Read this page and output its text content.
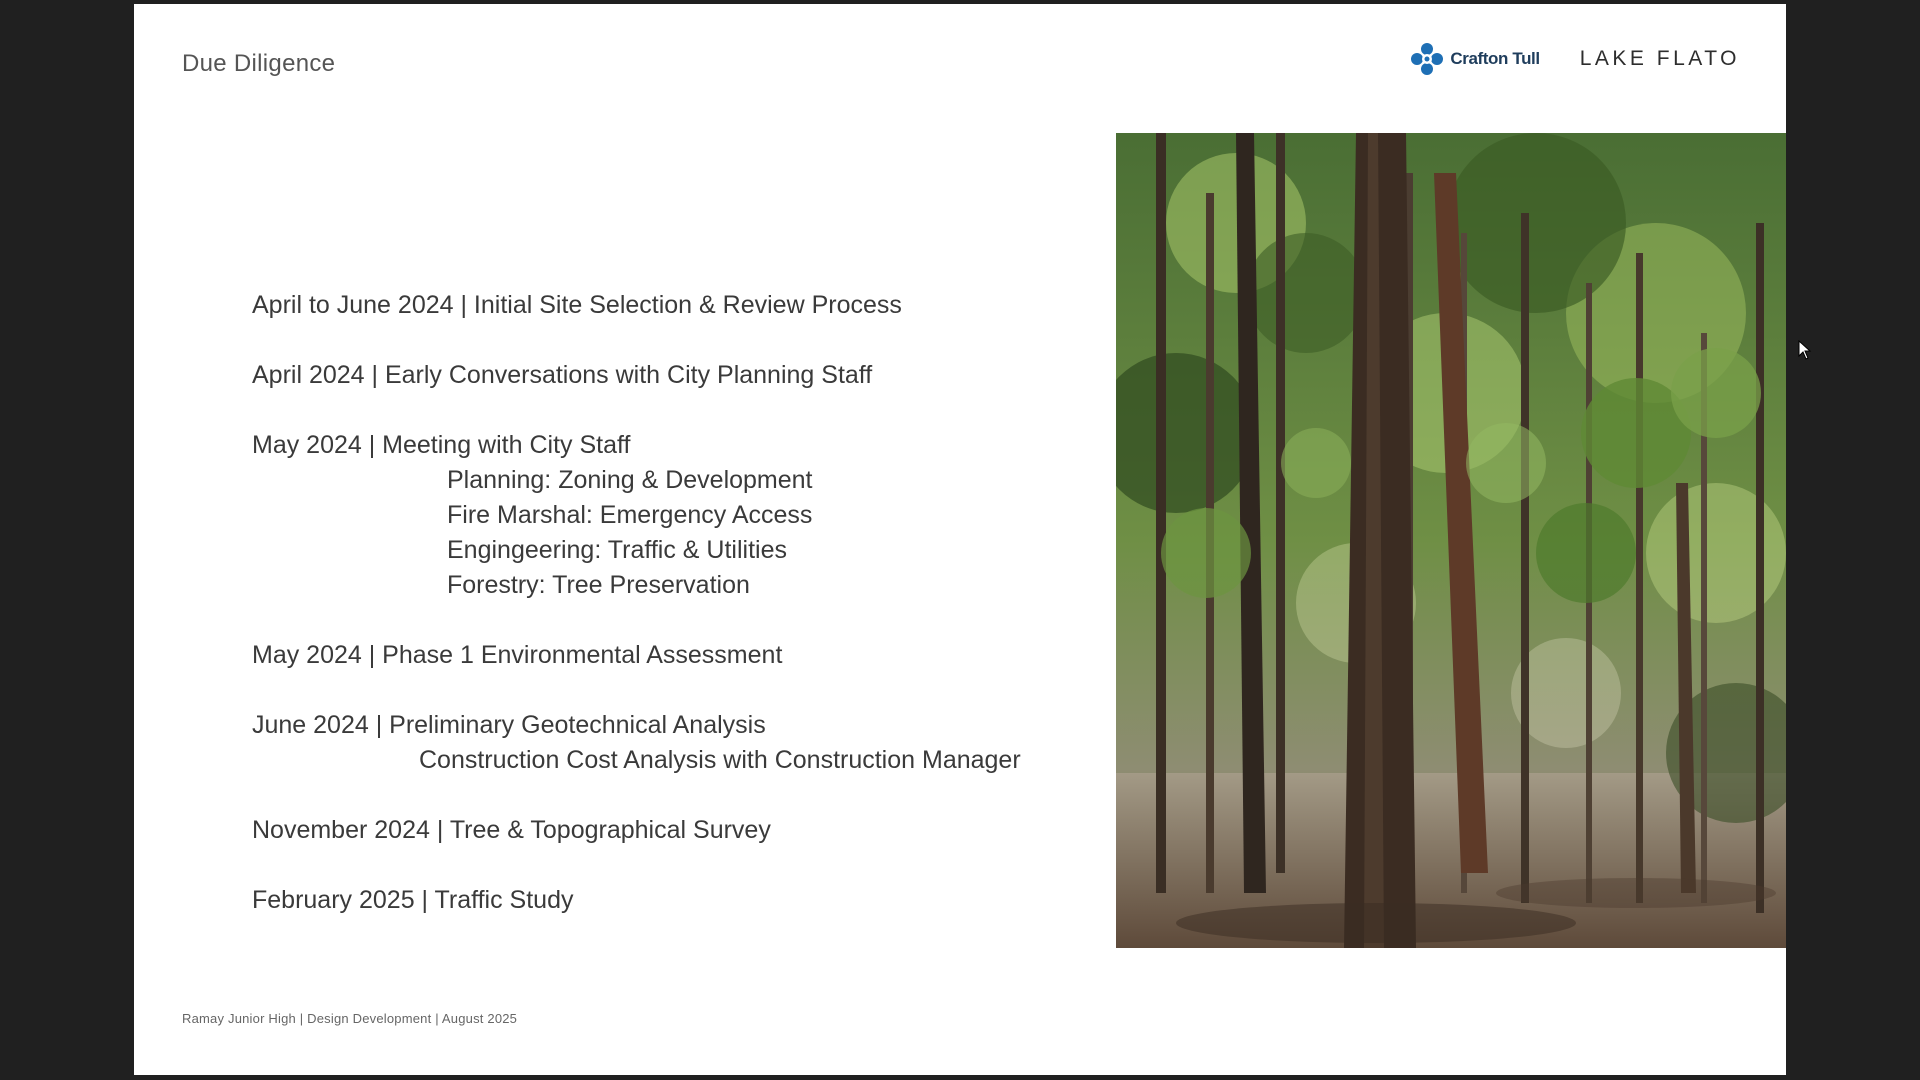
Due Diligence	Crafton Tull LAKE FLATO
April to June 2024 | Initial Site Selection & Review Process
April 2024 | Early Conversations with City Planning Staff
May 2024 | Meeting with City Staff
Planning: Zoning & Development
Fire Marshal: Emergency Access
Engingeering: Traffic & Utilities
Forestry: Tree Preservation
May 2024 | Phase 1 Environmental Assessment
June 2024 | Preliminary Geotechnical Analysis
Construction Cost Analysis with Construction Manager
November 2024 | Tree & Topographical Survey
February 2025 | Traffic Study
Ramay Junior High | Design Development | August 2025
